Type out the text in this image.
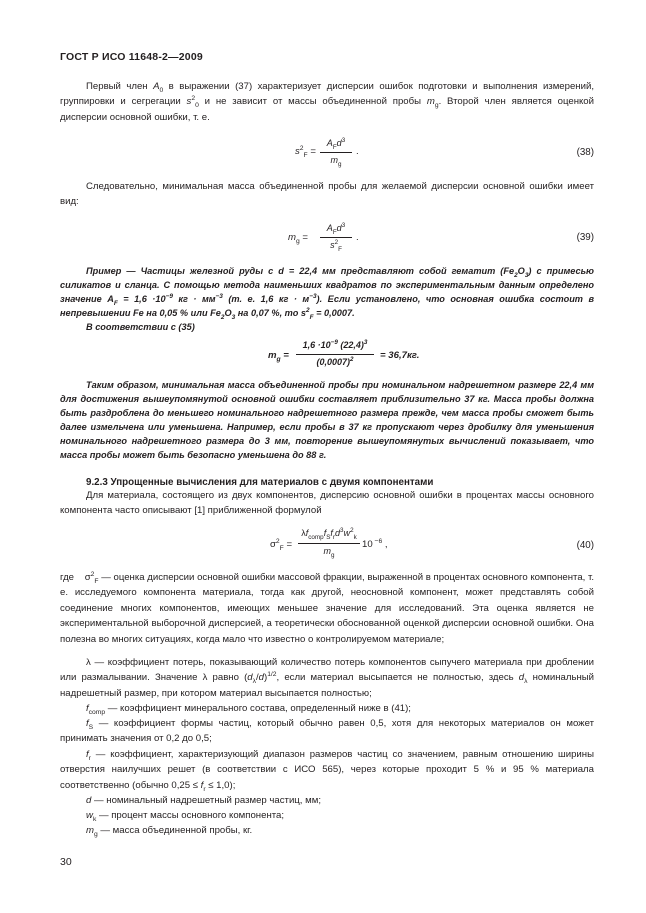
ГОСТ Р ИСО 11648-2—2009
Первый член $A_0$ в выражении (37) характеризует дисперсии ошибок подготовки и выполнения измерений, группировки и сегрегации $s^2_0$ и не зависит от массы объединенной пробы $m_g$. Второй член является оценкой дисперсии основной ошибки, т. е.
$s^2_F$ =
$A_Fd^3$
$m_g$
.	(38)
Следовательно, минимальная масса объединенной пробы для желаемой дисперсии основной ошибки имеет вид:
$m_g$ =
$A_Fd^3$
$s^2_F$
.	(39)
Пример — Частицы железной руды с d = 22,4 мм представляют собой гематит $(Fe_2O_3)$ с примесью силикатов и сланца. С помощью метода наименьших квадратов по экспериментальным данным определено значение $A_F = 1,6 \cdot 10^{-9}$ кг · $мм^{-3}$ (т. е. 1,6 кг · $м^{-3}$). Если установлено, что основная ошибка состоит в непревышении Fe на 0,05 % или $Fe_2O_3$ на 0,07 %, то $s^2_F = 0,0007$.
В соответствии с (35)
$m_g$ =
$1,6 \cdot 10^{-9}$ $(22,4)^3$
$(0,0007)^2$	= 36,7кг.
Таким образом, минимальная масса объединенной пробы при номинальном надрешетном размере 22,4 мм для достижения вышеупомянутой основной ошибки составляет приблизительно 37 кг. Масса пробы должна быть раздроблена до меньшего номинального надрешетного размера прежде, чем масса пробы сможет быть далее измельчена или уменьшена. Например, если пробы в 37 кг пропускают через дробилку для уменьшения номинального надрешетного размера до 3 мм, повторение вышеупомянутых вычислений показывает, что масса пробы может быть безопасно уменьшена до 88 г.
9.2.3 Упрощенные вычисления для материалов с двумя компонентами
Для материала, состоящего из двух компонентов, дисперсию основной ошибки в процентах массы основного компонента часто описывают [1] приближенной формулой
$\sigma^2_F$ =
$\lambda f_{comp}f_Sf_rd^3w^2_k$
$m_g$
10 $^{-6}$ ,	(40)
где    $\sigma^2_F$ — оценка дисперсии основной ошибки массовой фракции, выраженной в процентах основного компонента, т. е. исследуемого компонента материала, тогда как другой, неосновной компонент, может представлять собой соединение многих компонентов, имеющих меньшее значение для исследований. Эта оценка является не экспериментальной выборочной дисперсией, а теоретически обоснованной оценкой дисперсии основной ошибки. Она полезна во многих ситуациях, когда мало что известно о контролируемом материале;
λ — коэффициент потерь, показывающий количество потерь компонентов сыпучего материала при дроблении или размалывании. Значение λ равно $(d_\lambda/d)^{1/2}$, если материал высыпается не полностью, здесь $d_\lambda$ номинальный надрешетный размер, при котором материал высыпается полностью;
$f_{comp}$ — коэффициент минерального состава, определенный ниже в (41);
$f_S$ — коэффициент формы частиц, который обычно равен 0,5, хотя для некоторых материалов он может принимать значения от 0,2 до 0,5;
$f_r$ — коэффициент, характеризующий диапазон размеров частиц со значением, равным отношению ширины отверстия наилучших решет (в соответствии с ИСО 565), через которые проходит 5 % и 95 % материала соответственно (обычно $0,25 \le f_r \le 1,0$);
d — номинальный надрешетный размер частиц, мм;
$w_k$ — процент массы основного компонента;
$m_g$ — масса объединенной пробы, кг.
30
